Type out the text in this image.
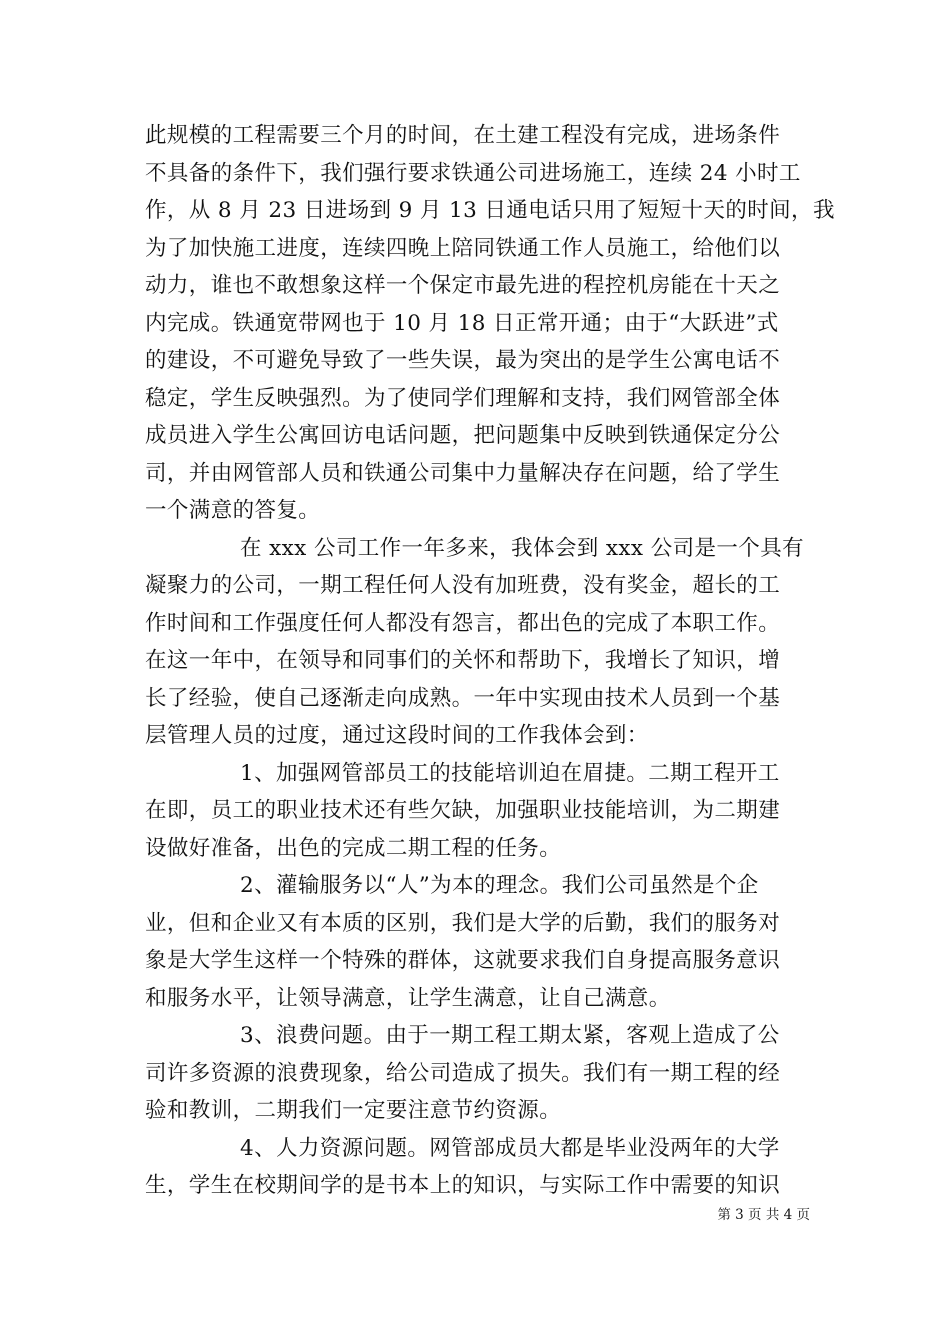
此规模的工程需要三个月的时间，在土建工程没有完成，进场条件
不具备的条件下，我们强行要求铁通公司进场施工，连续 24 小时工
作，从 8 月 23 日进场到 9 月 13 日通电话只用了短短十天的时间，我
为了加快施工进度，连续四晚上陪同铁通工作人员施工，给他们以
动力，谁也不敢想象这样一个保定市最先进的程控机房能在十天之
内完成。铁通宽带网也于 10 月 18 日正常开通；由于“大跃进”式
的建设，不可避免导致了一些失误，最为突出的是学生公寓电话不
稳定，学生反映强烈。为了使同学们理解和支持，我们网管部全体
成员进入学生公寓回访电话问题，把问题集中反映到铁通保定分公
司，并由网管部人员和铁通公司集中力量解决存在问题，给了学生
一个满意的答复。
在 xxx 公司工作一年多来，我体会到 xxx 公司是一个具有
凝聚力的公司，一期工程任何人没有加班费，没有奖金，超长的工
作时间和工作强度任何人都没有怨言，都出色的完成了本职工作。
在这一年中，在领导和同事们的关怀和帮助下，我增长了知识，增
长了经验，使自己逐渐走向成熟。一年中实现由技术人员到一个基
层管理人员的过度，通过这段时间的工作我体会到：
1、加强网管部员工的技能培训迫在眉捷。二期工程开工
在即，员工的职业技术还有些欠缺，加强职业技能培训，为二期建
设做好准备，出色的完成二期工程的任务。
2、灌输服务以“人”为本的理念。我们公司虽然是个企
业，但和企业又有本质的区别，我们是大学的后勤，我们的服务对
象是大学生这样一个特殊的群体，这就要求我们自身提高服务意识
和服务水平，让领导满意，让学生满意，让自己满意。
3、浪费问题。由于一期工程工期太紧，客观上造成了公
司许多资源的浪费现象，给公司造成了损失。我们有一期工程的经
验和教训，二期我们一定要注意节约资源。
4、人力资源问题。网管部成员大都是毕业没两年的大学
生，学生在校期间学的是书本上的知识，与实际工作中需要的知识
第 3 页 共 4 页
